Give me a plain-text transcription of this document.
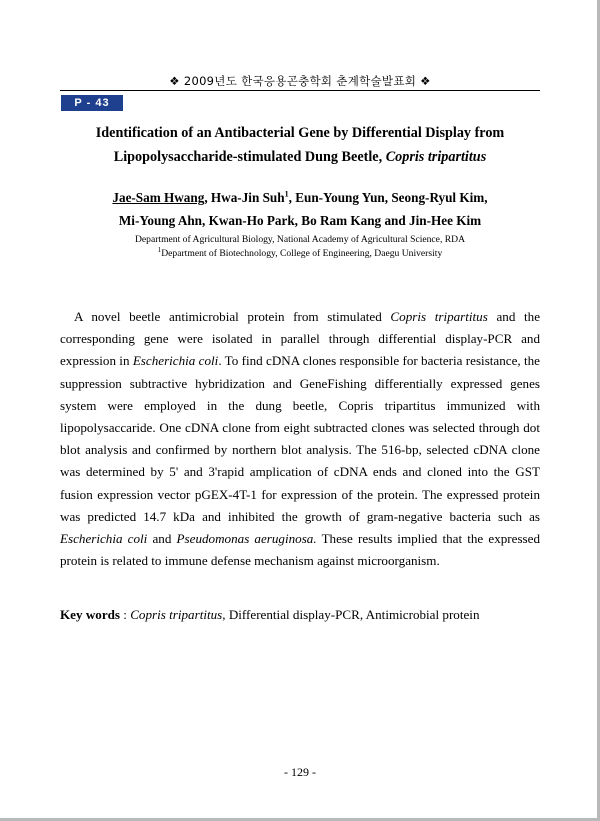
❖ 2009년도 한국응용곤충학회 춘계학술발표회 ❖
P - 43
Identification of an Antibacterial Gene by Differential Display from
Lipopolysaccharide-stimulated Dung Beetle, Copris tripartitus
Jae-Sam Hwang, Hwa-Jin Suh$^1$, Eun-Young Yun, Seong-Ryul Kim,
Mi-Young Ahn, Kwan-Ho Park, Bo Ram Kang and Jin-Hee Kim
Department of Agricultural Biology, National Academy of Agricultural Science, RDA
$^1$Department of Biotechnology, College of Engineering, Daegu University
A novel beetle antimicrobial protein from stimulated Copris tripartitus and the corresponding gene were isolated in parallel through differential display-PCR and expression in Escherichia coli. To find cDNA clones responsible for bacteria resistance, the suppression subtractive hybridization and GeneFishing differentially expressed genes system were employed in the dung beetle, Copris tripartitus immunized with lipopolysaccaride. One cDNA clone from eight subtracted clones was selected through dot blot analysis and confirmed by northern blot analysis. The 516-bp, selected cDNA clone was determined by 5' and 3'rapid amplication of cDNA ends and cloned into the GST fusion expression vector pGEX-4T-1 for expression of the protein. The expressed protein was predicted 14.7 kDa and inhibited the growth of gram-negative bacteria such as Escherichia coli and Pseudomonas aeruginosa. These results implied that the expressed protein is related to immune defense mechanism against microorganism.
Key words : Copris tripartitus, Differential display-PCR, Antimicrobial protein
- 129 -
